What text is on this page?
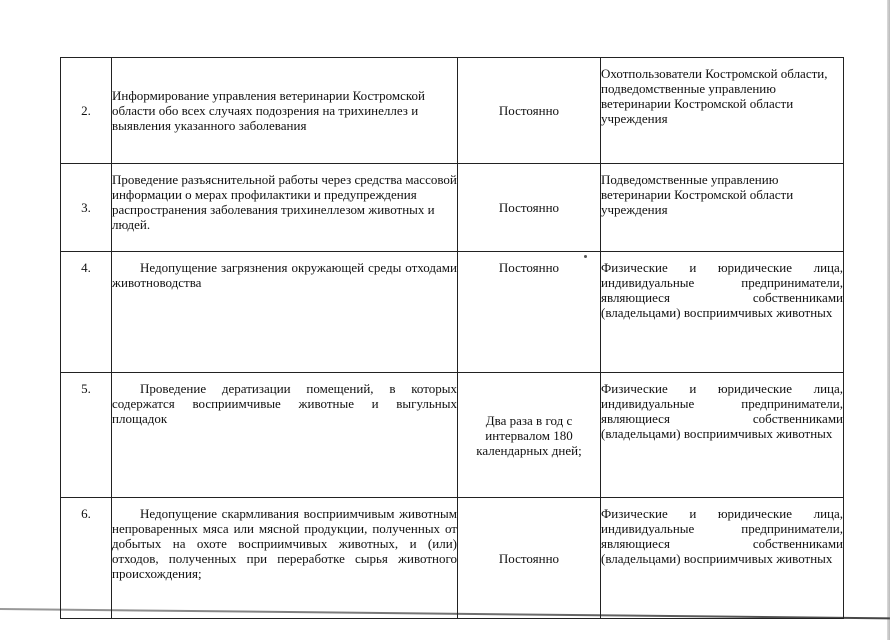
2.	Информирование управления ветеринарии Костромской области обо всех случаях подозрения на трихинеллез и выявления указанного заболевания	Постоянно	Охотпользователи Костромской области, подведомственные управлению ветеринарии Костромской области учреждения
3.	Проведение разъяснительной работы через средства массовой информации о мерах профилактики и предупреждения распространения заболевания трихинеллезом животных и людей.	Постоянно	Подведомственные управлению ветеринарии Костромской области учреждения
4.	Недопущение загрязнения окружающей среды отходами животноводства	Постоянно	Физические и юридические лица, индивидуальные предприниматели, являющиеся собственниками (владельцами) восприимчивых животных
5.	Проведение дератизации помещений, в которых содержатся восприимчивые животные и выгульных площадок	Два раза в год с интервалом 180 календарных дней;	Физические и юридические лица, индивидуальные предприниматели, являющиеся собственниками (владельцами) восприимчивых животных
6.	Недопущение скармливания восприимчивым животным непроваренных мяса или мясной продукции, полученных от добытых на охоте восприимчивых животных, и (или) отходов, полученных при переработке сырья животного происхождения;	Постоянно	Физические и юридические лица, индивидуальные предприниматели, являющиеся собственниками (владельцами) восприимчивых животных
